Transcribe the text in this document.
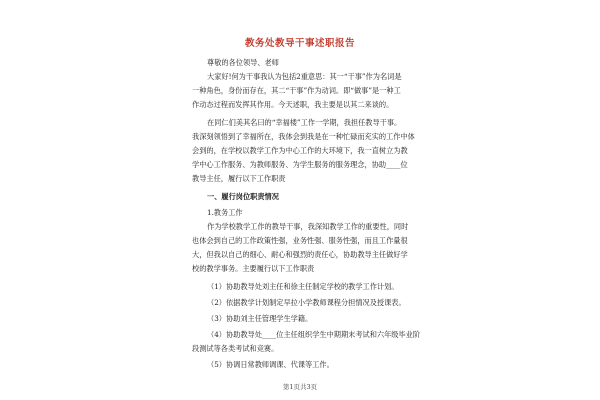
教务处教导干事述职报告
尊敬的各位领导、老师
大家好!何为干事我认为包括2重意思：其一“干事”作为名词是
一种角色，身份而存在，其二“干事”作为动词。即“做事”是一种工
作动态过程而发挥其作用。今天述职，我主要是以其二来谈的。
在同仁们美其名曰的“幸福楼”工作一学期，我担任教导干事。
我深刻领悟到了幸福所在，我体会到我是在一种忙碌而充实的工作中体
会到的，在学校以教学工作为中心工作的大环境下，我一直树立为教
学中心工作服务、为教师服务、为学生服务的服务理念，协助____位
教导主任，履行以下工作职责
一、履行岗位职责情况
1.教务工作
作为学校教学工作的教导干事，我深知教学工作的重要性，同时
也体会到自己的工作政策性强，业务性强、服务性强，而且工作量很
大，但我以自己的细心、耐心和强烈的责任心，协助教导主任做好学
校的教学事务。主要履行以下工作职责
（1）协助教导处刘主任和徐主任制定学校的教学工作计划。
（2）依据教学计划制定早拉小学教师课程分担情况及授课表。
（3）协助刘主任管理学生学籍。
（4）协助教导处____位主任组织学生中期期末考试和六年级毕业阶
段测试等各类考试和竞赛。
（5）协调日常教师调课、代课等工作。
第1页共3页
